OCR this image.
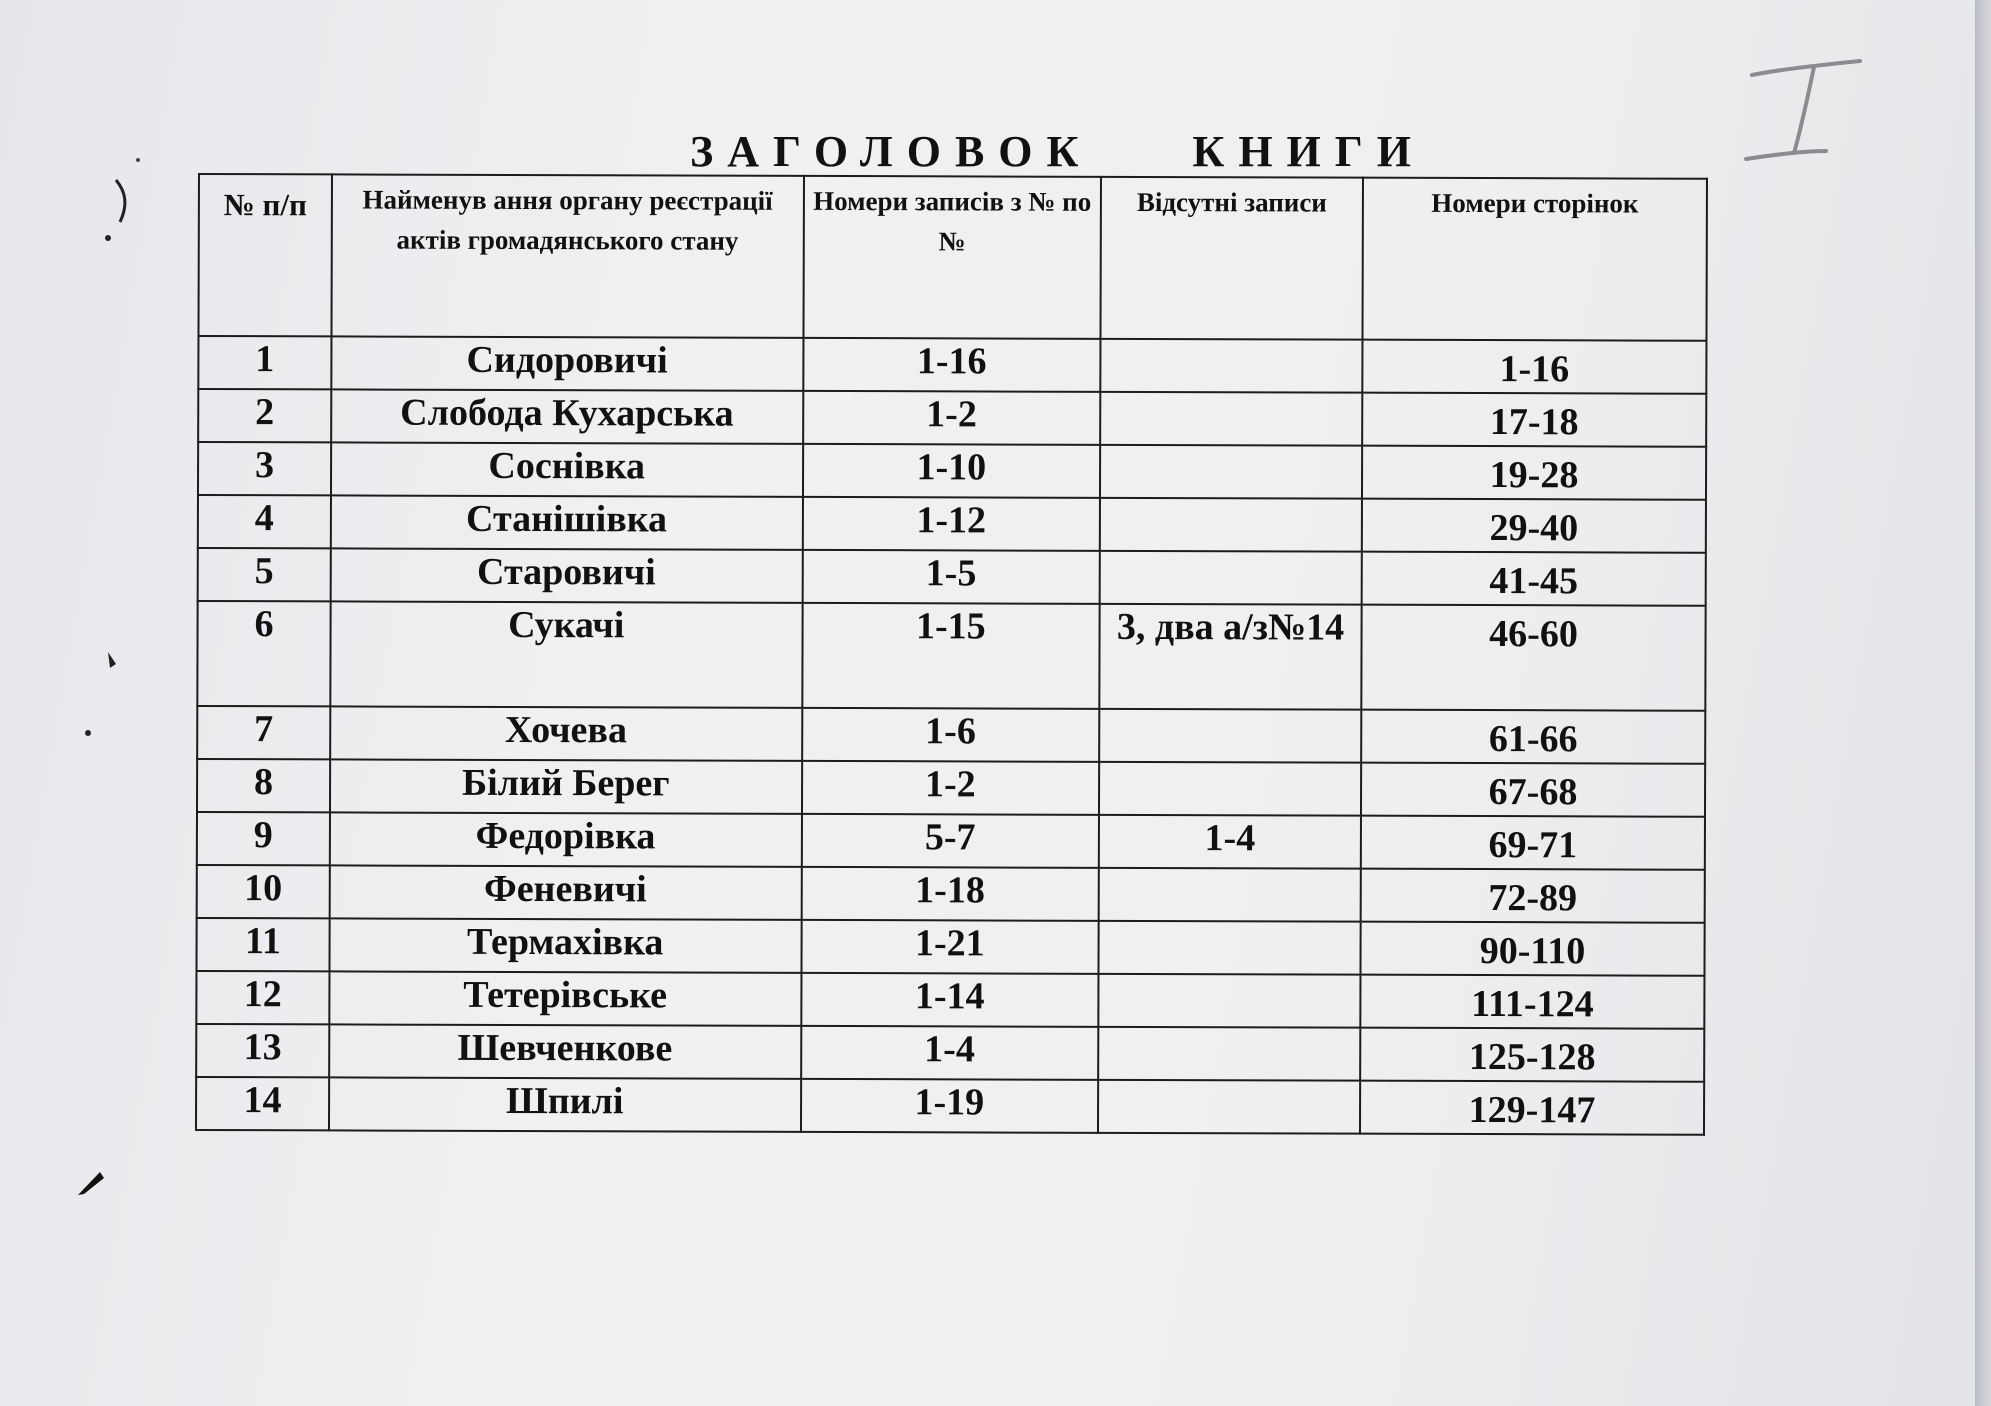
ЗАГОЛОВОК    КНИГИ
№ п/п	Найменув ання органу реєстрації актів громадянського стану	Номери записів з № по №	Відсутні записи	Номери сторінок
1	Сидоровичі	1-16		1-16
2	Слобода Кухарська	1-2		17-18
3	Соснівка	1-10		19-28
4	Станішівка	1-12		29-40
5	Старовичі	1-5		41-45
6	Сукачі	1-15	3, два а/з№14	46-60
7	Хочева	1-6		61-66
8	Білий Берег	1-2		67-68
9	Федорівка	5-7	1-4	69-71
10	Феневичі	1-18		72-89
11	Термахівка	1-21		90-110
12	Тетерівське	1-14		111-124
13	Шевченкове	1-4		125-128
14	Шпилі	1-19		129-147
